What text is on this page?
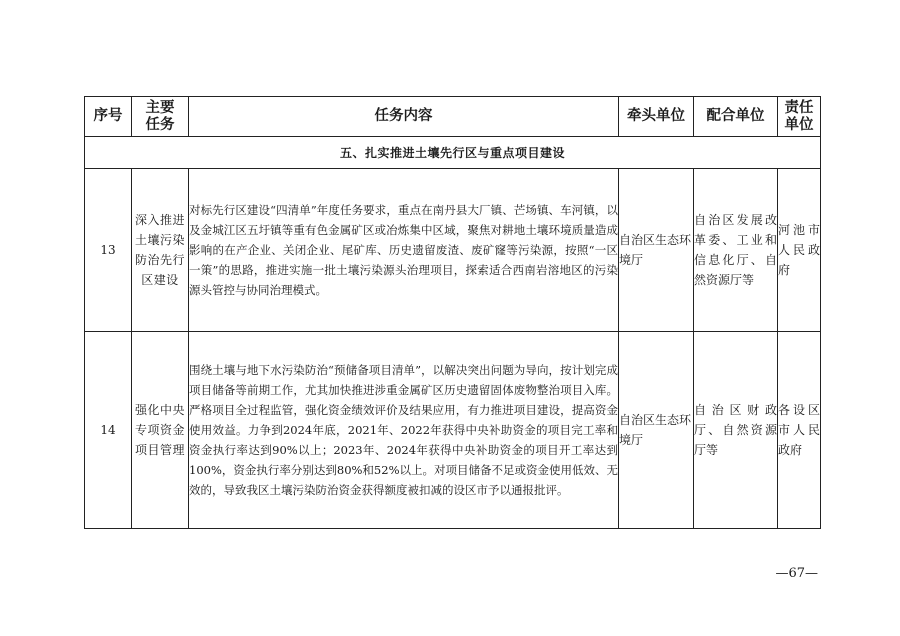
序号	主要任务	任务内容	牵头单位	配合单位	责任单位
五、扎实推进土壤先行区与重点项目建设					
13	深入推进土壤污染防治先行区建设	对标先行区建设“四清单”年度任务要求，重点在南丹县大厂镇、芒场镇、车河镇，以及金城江区五圩镇等重有色金属矿区或冶炼集中区域，聚焦对耕地土壤环境质量造成影响的在产企业、关闭企业、尾矿库、历史遗留废渣、废矿窿等污染源，按照“一区一策”的思路，推进实施一批土壤污染源头治理项目，探索适合西南岩溶地区的污染源头管控与协同治理模式。	自治区生态环境厅	自治区发展改革委、工业和信息化厅、自然资源厅等	河池市人民政府
14	强化中央专项资金项目管理	围绕土壤与地下水污染防治“预储备项目清单”，以解决突出问题为导向，按计划完成项目储备等前期工作，尤其加快推进涉重金属矿区历史遗留固体废物整治项目入库。严格项目全过程监管，强化资金绩效评价及结果应用，有力推进项目建设，提高资金使用效益。力争到2024年底，2021年、2022年获得中央补助资金的项目完工率和资金执行率达到90%以上；2023年、2024年获得中央补助资金的项目开工率达到100%，资金执行率分别达到80%和52%以上。对项目储备不足或资金使用低效、无效的，导致我区土壤污染防治资金获得额度被扣减的设区市予以通报批评。	自治区生态环境厅	自治区财政厅、自然资源厅等	各设区市人民政府
—67—
